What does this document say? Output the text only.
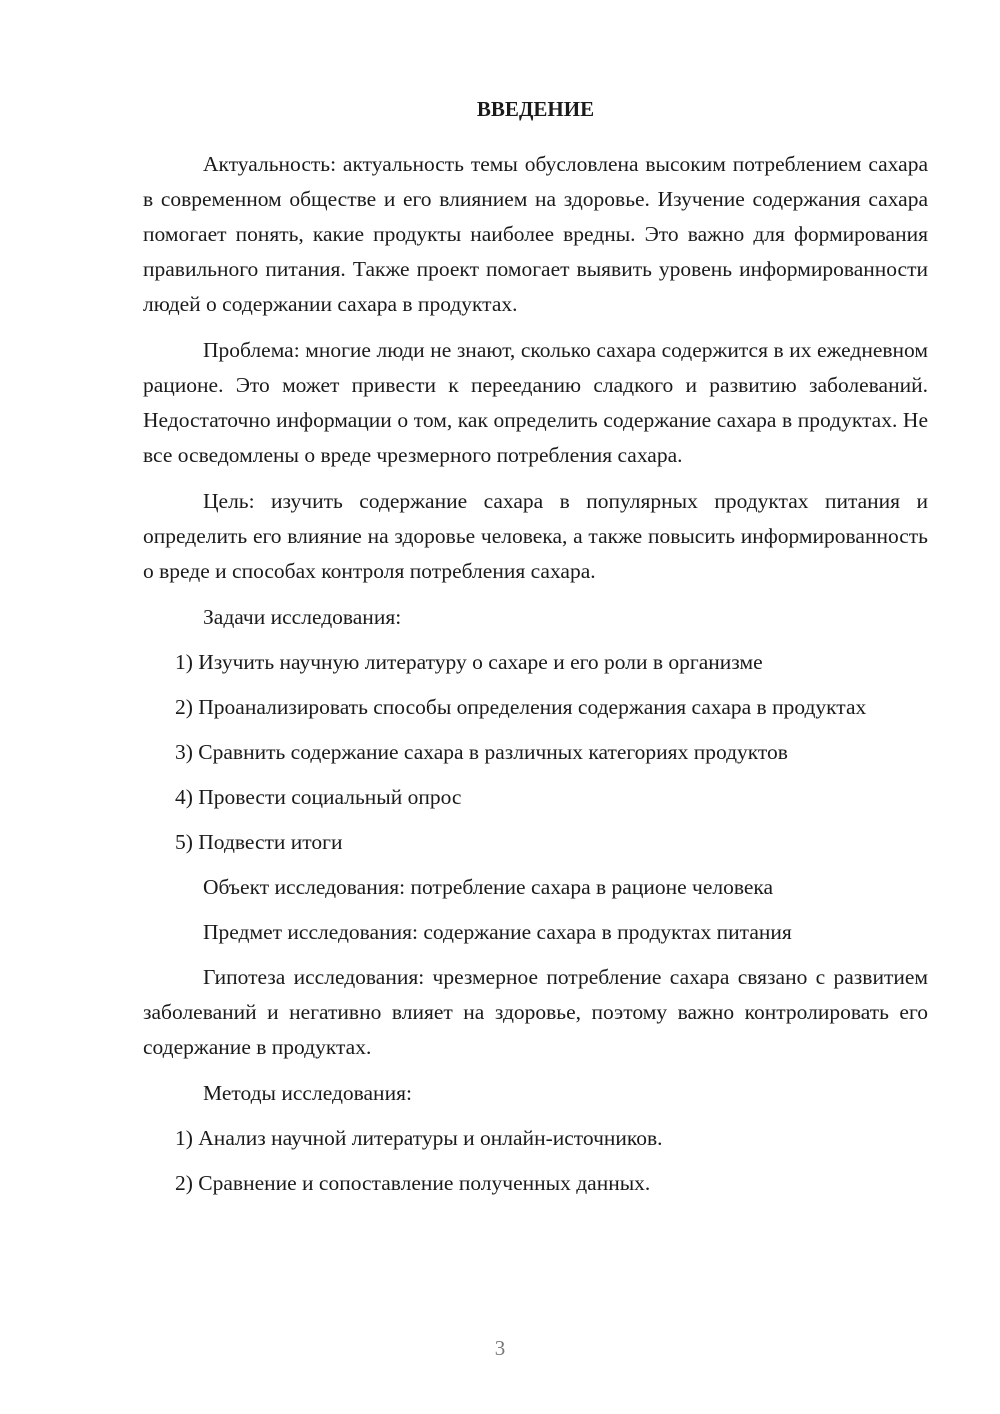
ВВЕДЕНИЕ

Актуальность: актуальность темы обусловлена высоким потреблением сахара в современном обществе и его влиянием на здоровье. Изучение содержания сахара помогает понять, какие продукты наиболее вредны. Это важно для формирования правильного питания. Также проект помогает выявить уровень информированности людей о содержании сахара в продуктах.

Проблема: многие люди не знают, сколько сахара содержится в их ежедневном рационе. Это может привести к перееданию сладкого и развитию заболеваний. Недостаточно информации о том, как определить содержание сахара в продуктах. Не все осведомлены о вреде чрезмерного потребления сахара.

Цель: изучить содержание сахара в популярных продуктах питания и определить его влияние на здоровье человека, а также повысить информированность о вреде и способах контроля потребления сахара.

Задачи исследования:

1) Изучить научную литературу о сахаре и его роли в организме

2) Проанализировать способы определения содержания сахара в продуктах

3) Сравнить содержание сахара в различных категориях продуктов

4) Провести социальный опрос

5) Подвести итоги

Объект исследования: потребление сахара в рационе человека

Предмет исследования: содержание сахара в продуктах питания

Гипотеза исследования: чрезмерное потребление сахара связано с развитием заболеваний и негативно влияет на здоровье, поэтому важно контролировать его содержание в продуктах.

Методы исследования:

1) Анализ научной литературы и онлайн-источников.

2) Сравнение и сопоставление полученных данных.

3
